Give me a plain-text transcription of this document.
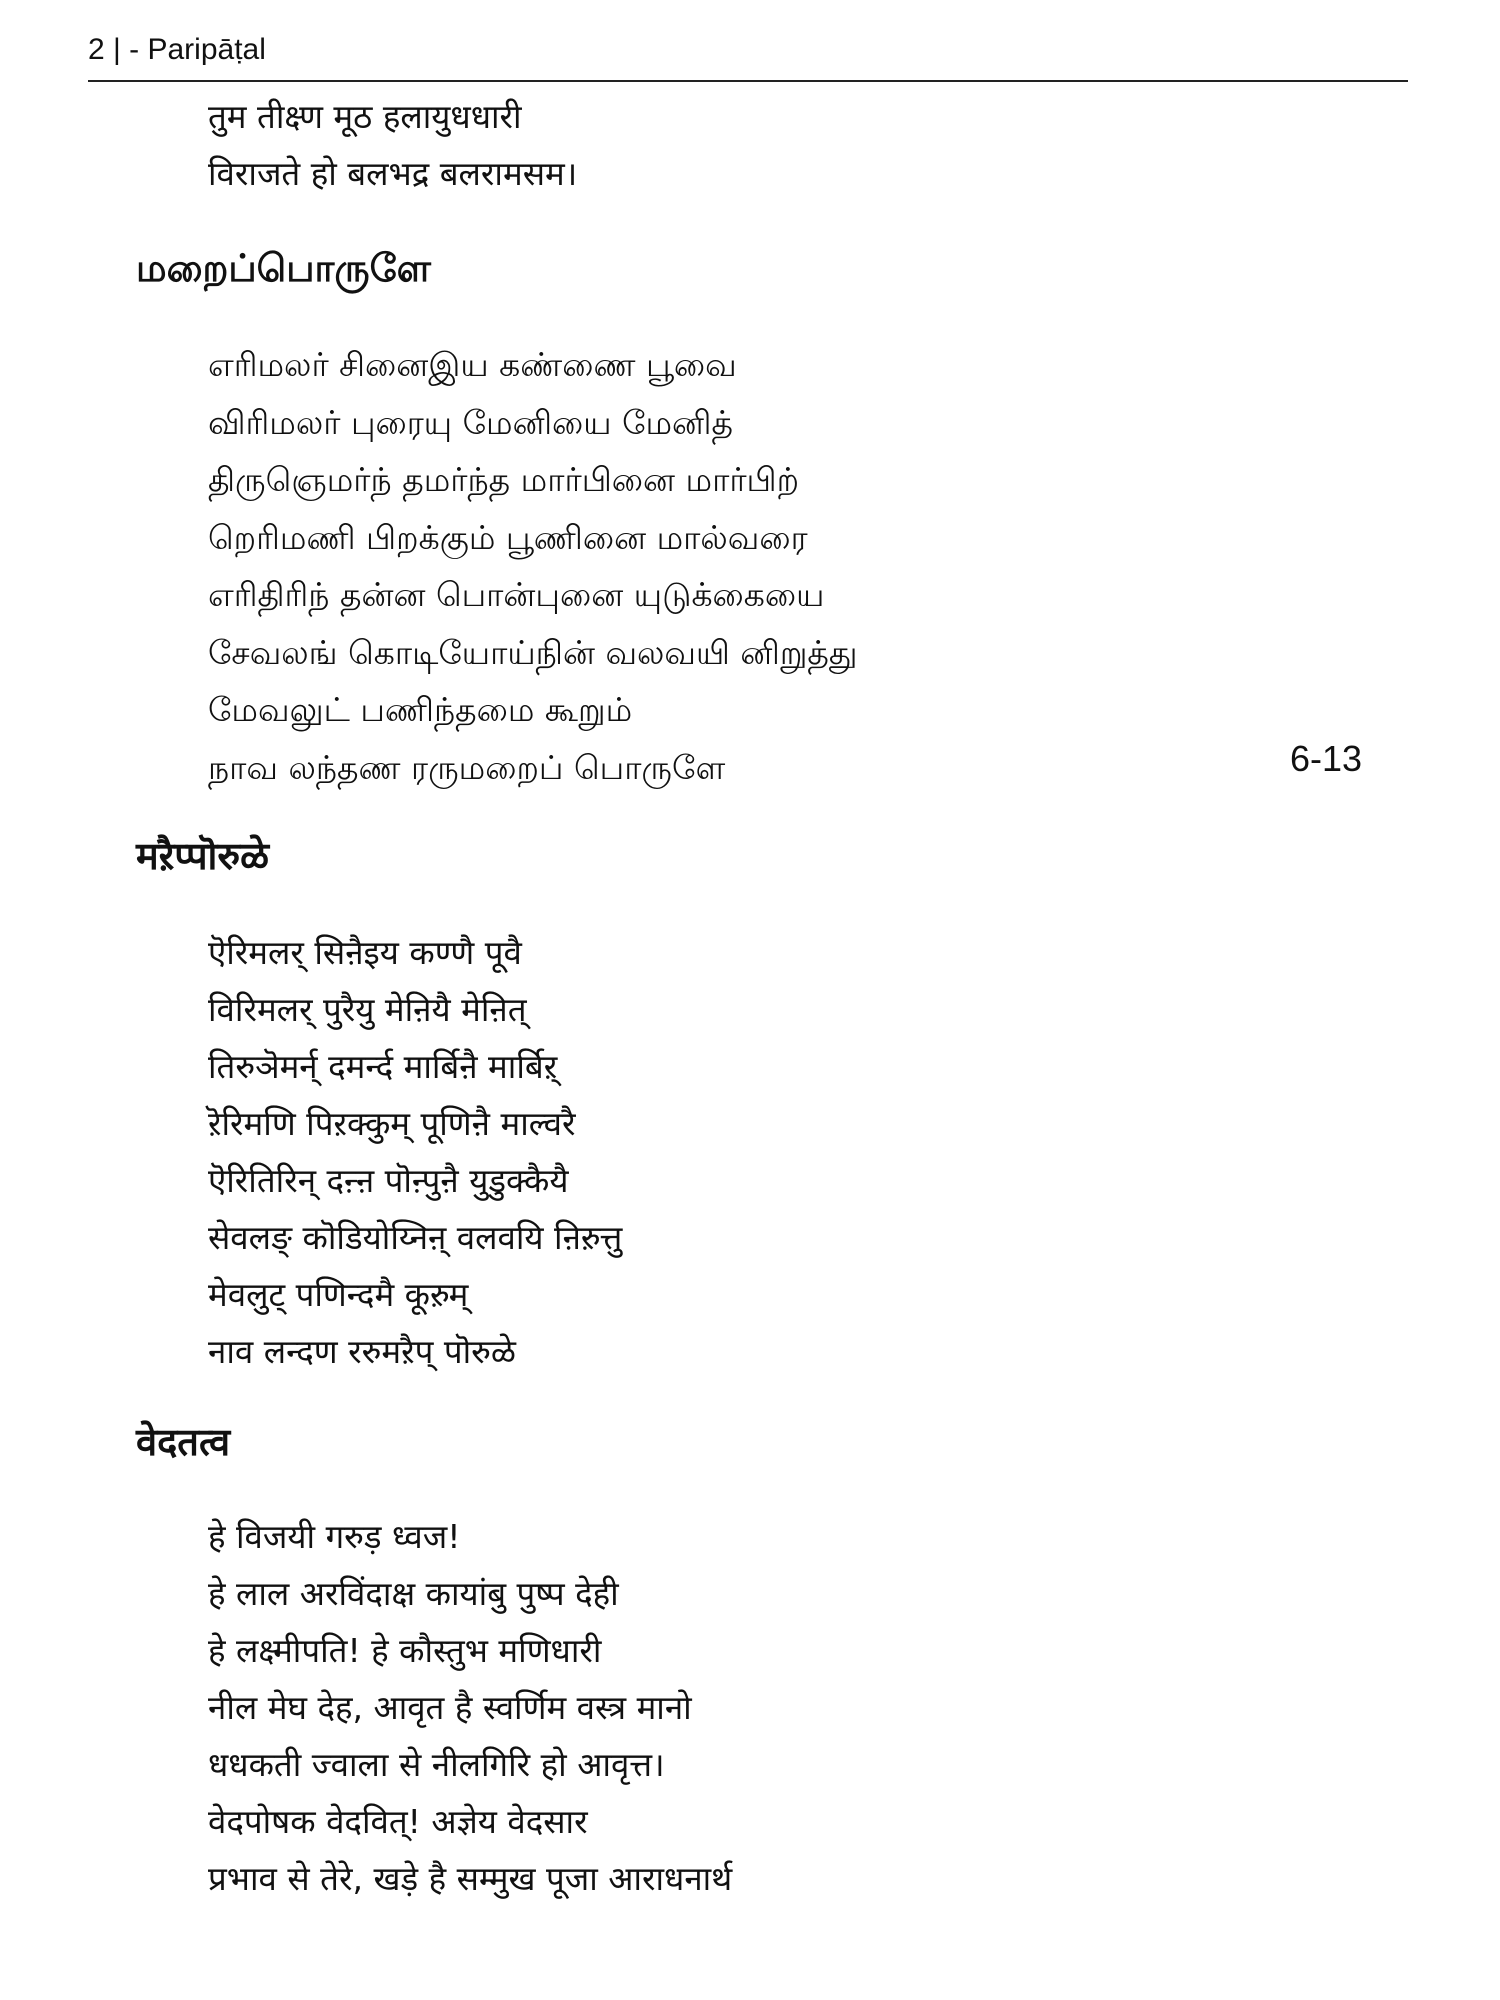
2 | - Paripāṭal
तुम तीक्ष्ण मूठ हलायुधधारी
विराजते हो बलभद्र बलरामसम।
மறைப்பொருளே
எரிமலர் சினைஇய கண்ணை பூவை
விரிமலர் புரையு மேனியை மேனித்
திருஞெமர்ந் தமர்ந்த மார்பினை மார்பிற்
றெரிமணி பிறக்கும் பூணினை மால்வரை
எரிதிரிந் தன்ன பொன்புனை யுடுக்கையை
சேவலங் கொடியோய்நின் வலவயி னிறுத்து
மேவலுட் பணிந்தமை கூறும்
நாவ லந்தண ரருமறைப் பொருளே	6-13
मऱ़ैप्पॊरुळे
ऎरिमलर् सिऩैइय कण्णै पूवै
विरिमलर् पुरैयु मेऩियै मेऩित्
तिरुञॆमर्न् दमर्न्द मार्बिऩै मार्बिऱ्
ऱॆरिमणि पिऱक्कुम् पूणिऩै माल्वरै
ऎरितिरिन् दऩ्ऩ पॊऩ्पुऩै युडुक्कैयै
सेवलङ् कॊडियोय्निऩ् वलवयि ऩिऱुत्तु
मेवलुट् पणिन्दमै कूऱुम्
नाव लन्दण ररुमऱैप् पॊरुळे
वेदतत्व
हे विजयी गरुड़ ध्वज!
हे लाल अरविंदाक्ष कायांबु पुष्प देही
हे लक्ष्मीपति! हे कौस्तुभ मणिधारी
नील मेघ देह, आवृत है स्वर्णिम वस्त्र मानो
धधकती ज्वाला से नीलगिरि हो आवृत्त।
वेदपोषक वेदवित्! अज्ञेय वेदसार
प्रभाव से तेरे, खड़े है सम्मुख पूजा आराधनार्थ
